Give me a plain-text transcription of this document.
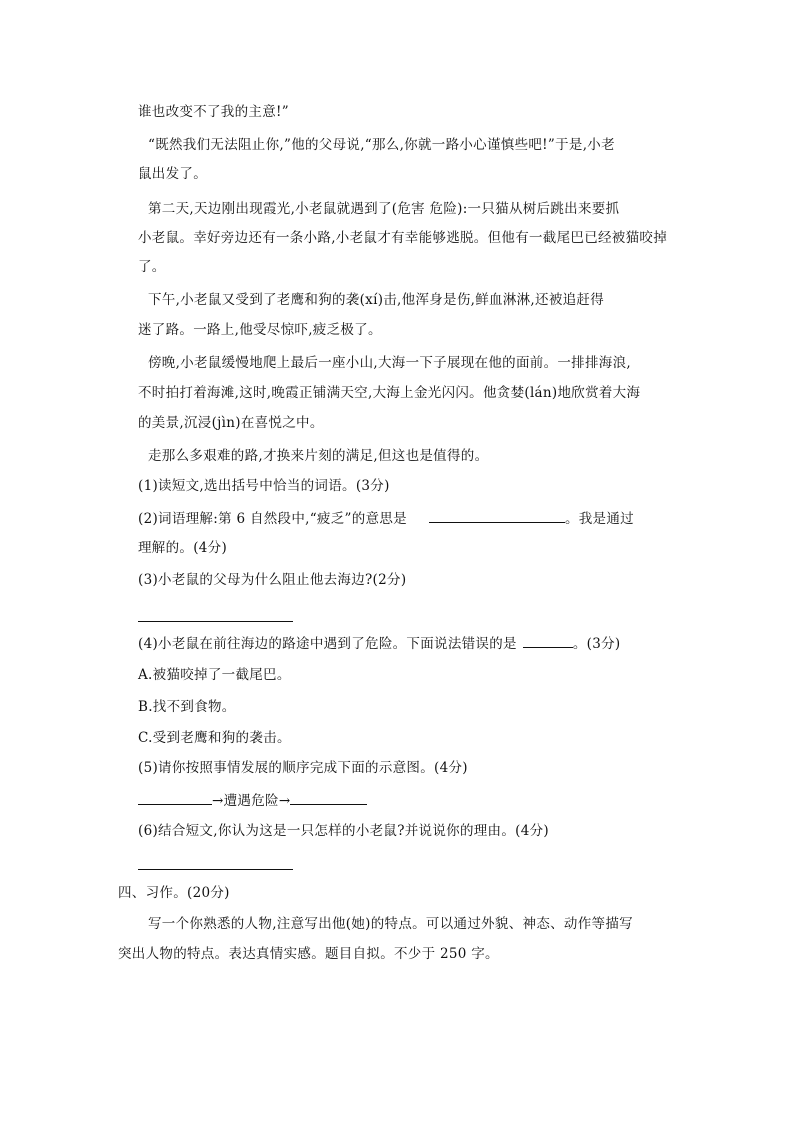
谁也改变不了我的主意!”
“既然我们无法阻止你,”他的父母说,“那么,你就一路小心谨慎些吧!”于是,小老
鼠出发了。
第二天,天边刚出现霞光,小老鼠就遇到了(危害 危险):一只猫从树后跳出来要抓
小老鼠。幸好旁边还有一条小路,小老鼠才有幸能够逃脱。但他有一截尾巴已经被猫咬掉
了。
下午,小老鼠又受到了老鹰和狗的袭(xí)击,他浑身是伤,鲜血淋淋,还被追赶得
迷了路。一路上,他受尽惊吓,疲乏极了。
傍晚,小老鼠缓慢地爬上最后一座小山,大海一下子展现在他的面前。一排排海浪,
不时拍打着海滩,这时,晚霞正铺满天空,大海上金光闪闪。他贪婪(lán)地欣赏着大海
的美景,沉浸(jìn)在喜悦之中。
走那么多艰难的路,才换来片刻的满足,但这也是值得的。
(1)读短文,选出括号中恰当的词语。(3分)
(2)词语理解:第 6 自然段中,“疲乏”的意思是	。我是通过
理解的。(4分)
(3)小老鼠的父母为什么阻止他去海边?(2分)
(4)小老鼠在前往海边的路途中遇到了危险。下面说法错误的是	。(3分)
A.被猫咬掉了一截尾巴。
B.找不到食物。
C.受到老鹰和狗的袭击。
(5)请你按照事情发展的顺序完成下面的示意图。(4分)
→遭遇危险→
(6)结合短文,你认为这是一只怎样的小老鼠?并说说你的理由。(4分)
四、习作。(20分)
写一个你熟悉的人物,注意写出他(她)的特点。可以通过外貌、神态、动作等描写
突出人物的特点。表达真情实感。题目自拟。不少于 250 字。
